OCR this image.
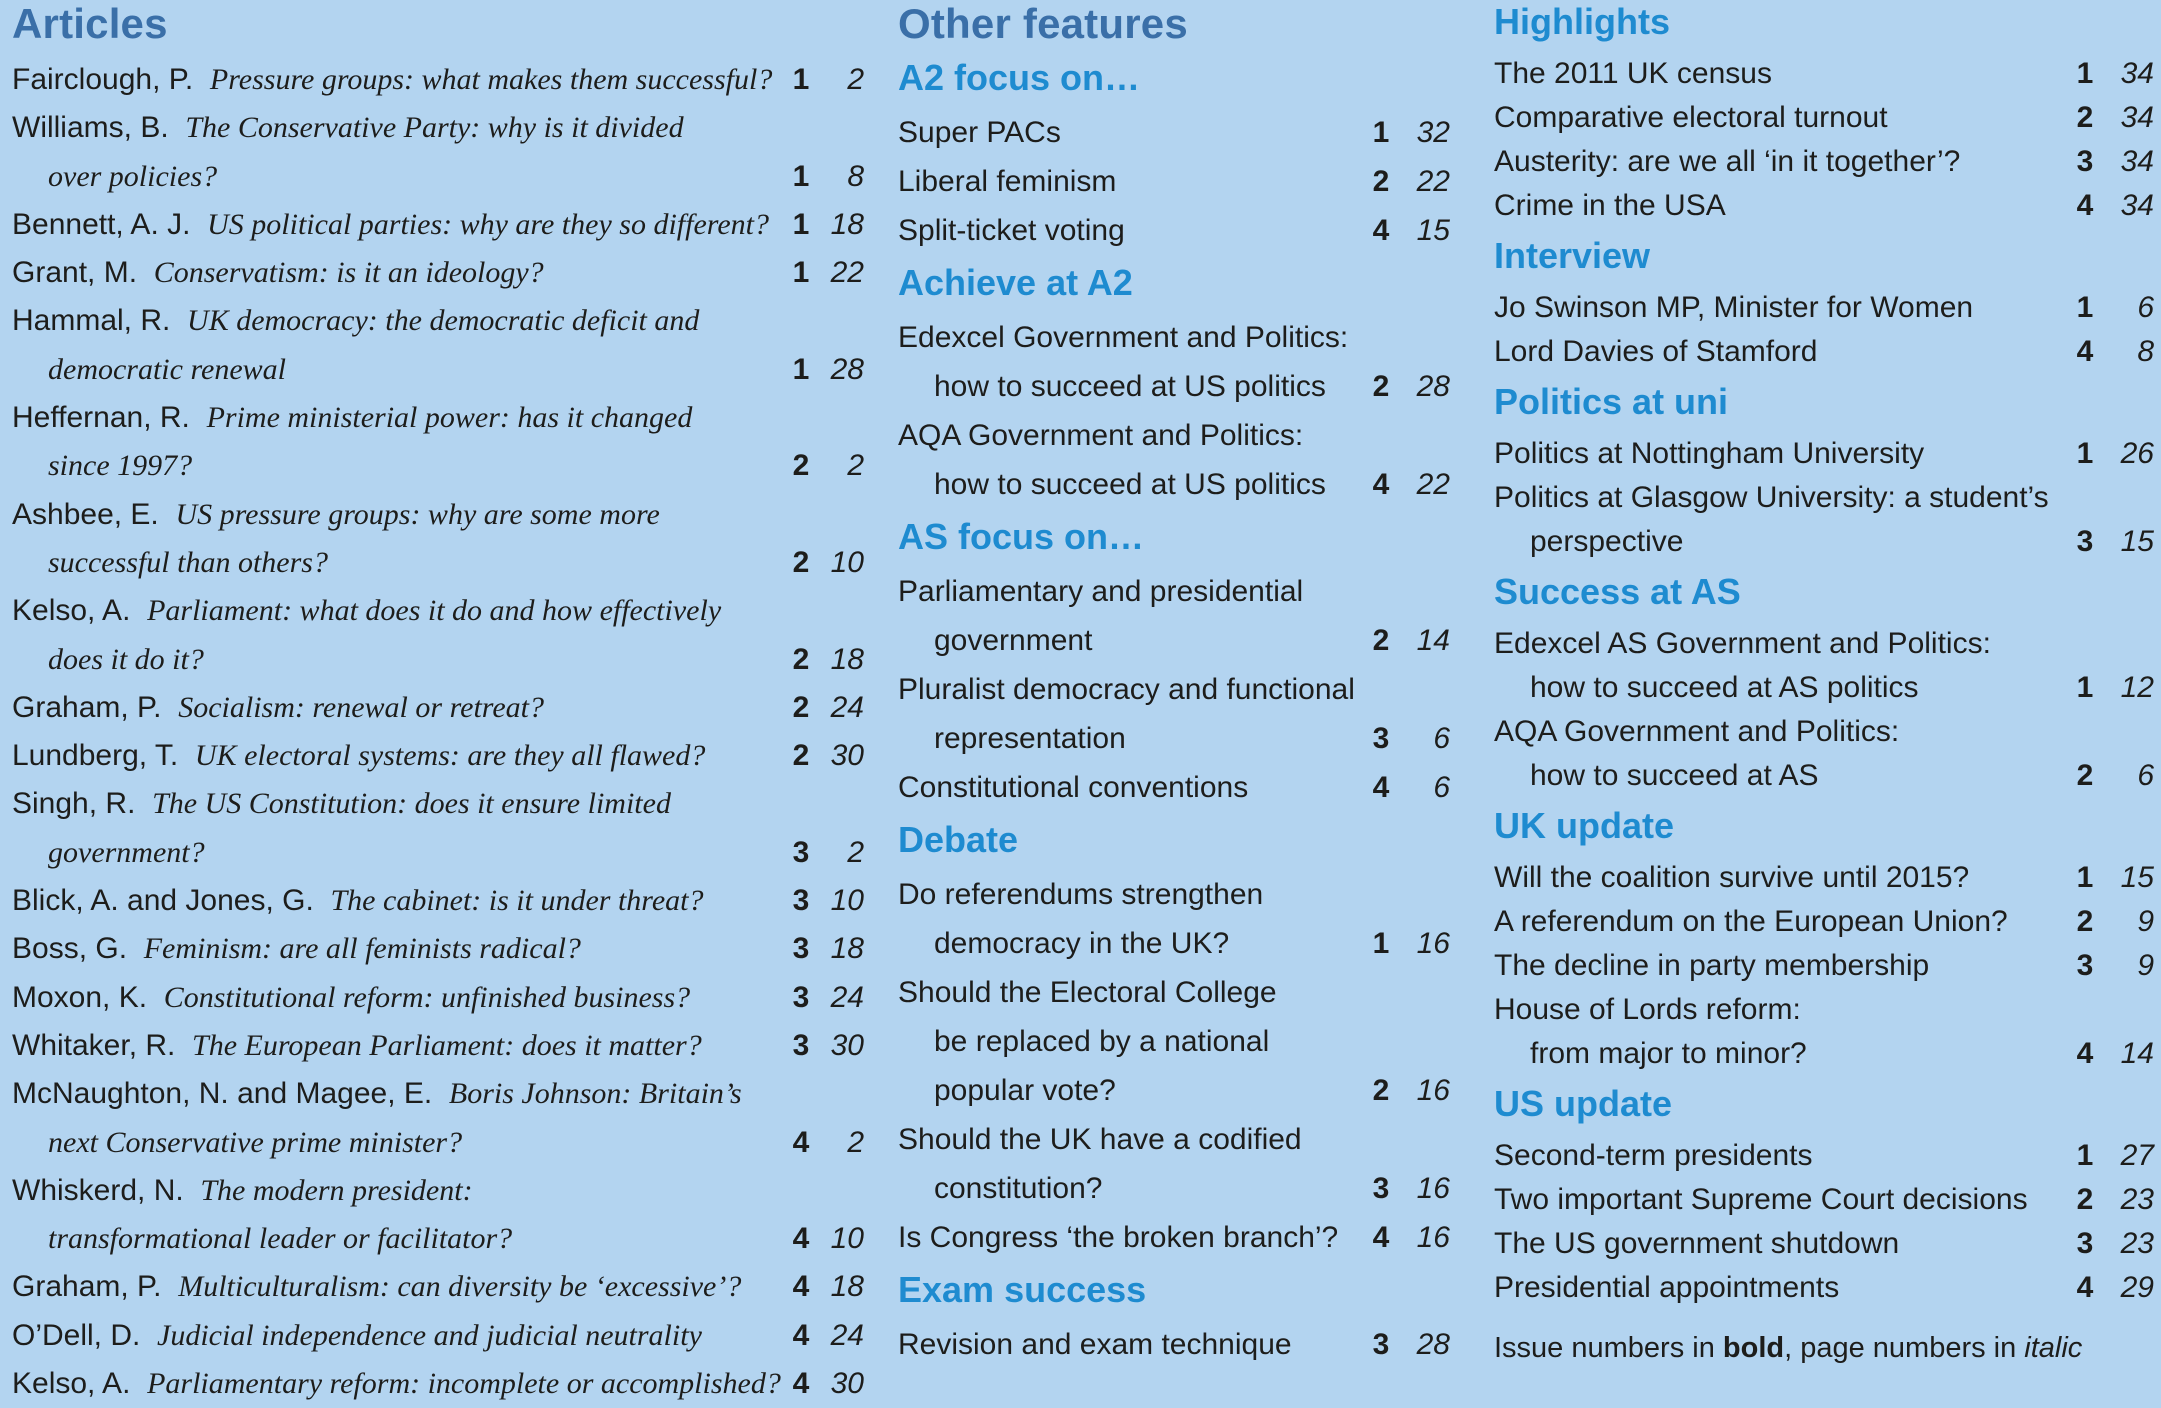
Articles
Fairclough, P. Pressure groups: what makes them successful? 1	2
Williams, B. The Conservative Party: why is it divided
over policies?	1	8
Bennett, A. J. US political parties: why are they so different? 1 18
Grant, M. Conservatism: is it an ideology?	1 22
Hammal, R. UK democracy: the democratic deficit and
democratic renewal	1 28
Heffernan, R. Prime ministerial power: has it changed
since 1997?	2	2
Ashbee, E. US pressure groups: why are some more
successful than others?	2 10
Kelso, A. Parliament: what does it do and how effectively
does it do it?	2 18
Graham, P. Socialism: renewal or retreat?	2 24
Lundberg, T. UK electoral systems: are they all flawed?	2 30
Singh, R. The US Constitution: does it ensure limited
government?	3	2
Blick, A. and Jones, G. The cabinet: is it under threat?	3 10
Boss, G. Feminism: are all feminists radical?	3 18
Moxon, K. Constitutional reform: unfinished business?	3 24
Whitaker, R. The European Parliament: does it matter?	3 30
McNaughton, N. and Magee, E. Boris Johnson: Britain’s
next Conservative prime minister?	4	2
Whiskerd, N. The modern president:
transformational leader or facilitator?	4 10
Graham, P. Multiculturalism: can diversity be ‘excessive’?	4 18
O’Dell, D. Judicial independence and judicial neutrality	4 24
Kelso, A. Parliamentary reform: incomplete or accomplished? 4 30
Other features
A2 focus on…
Super PACs	1 32
Liberal feminism	2 22
Split-ticket voting	4 15
Achieve at A2
Edexcel Government and Politics:
how to succeed at US politics	2 28
AQA Government and Politics:
how to succeed at US politics	4 22
AS focus on…
Parliamentary and presidential
government	2 14
Pluralist democracy and functional
representation	3	6
Constitutional conventions	4	6
Debate
Do referendums strengthen
democracy in the UK?	1 16
Should the Electoral College
be replaced by a national
popular vote?	2 16
Should the UK have a codified
constitution?	3 16
Is Congress ‘the broken branch’?	4 16
Exam success
Revision and exam technique	3 28
Highlights
The 2011 UK census	1 34
Comparative electoral turnout	2 34
Austerity: are we all ‘in it together’?	3 34
Crime in the USA	4 34
Interview
Jo Swinson MP, Minister for Women	1	6
Lord Davies of Stamford	4	8
Politics at uni
Politics at Nottingham University	1 26
Politics at Glasgow University: a student’s
perspective	3 15
Success at AS
Edexcel AS Government and Politics:
how to succeed at AS politics	1 12
AQA Government and Politics:
how to succeed at AS	2	6
UK update
Will the coalition survive until 2015?	1 15
A referendum on the European Union?	2	9
The decline in party membership	3	9
House of Lords reform:
from major to minor?	4 14
US update
Second-term presidents	1 27
Two important Supreme Court decisions	2 23
The US government shutdown	3 23
Presidential appointments	4 29
Issue numbers in bold, page numbers in italic
